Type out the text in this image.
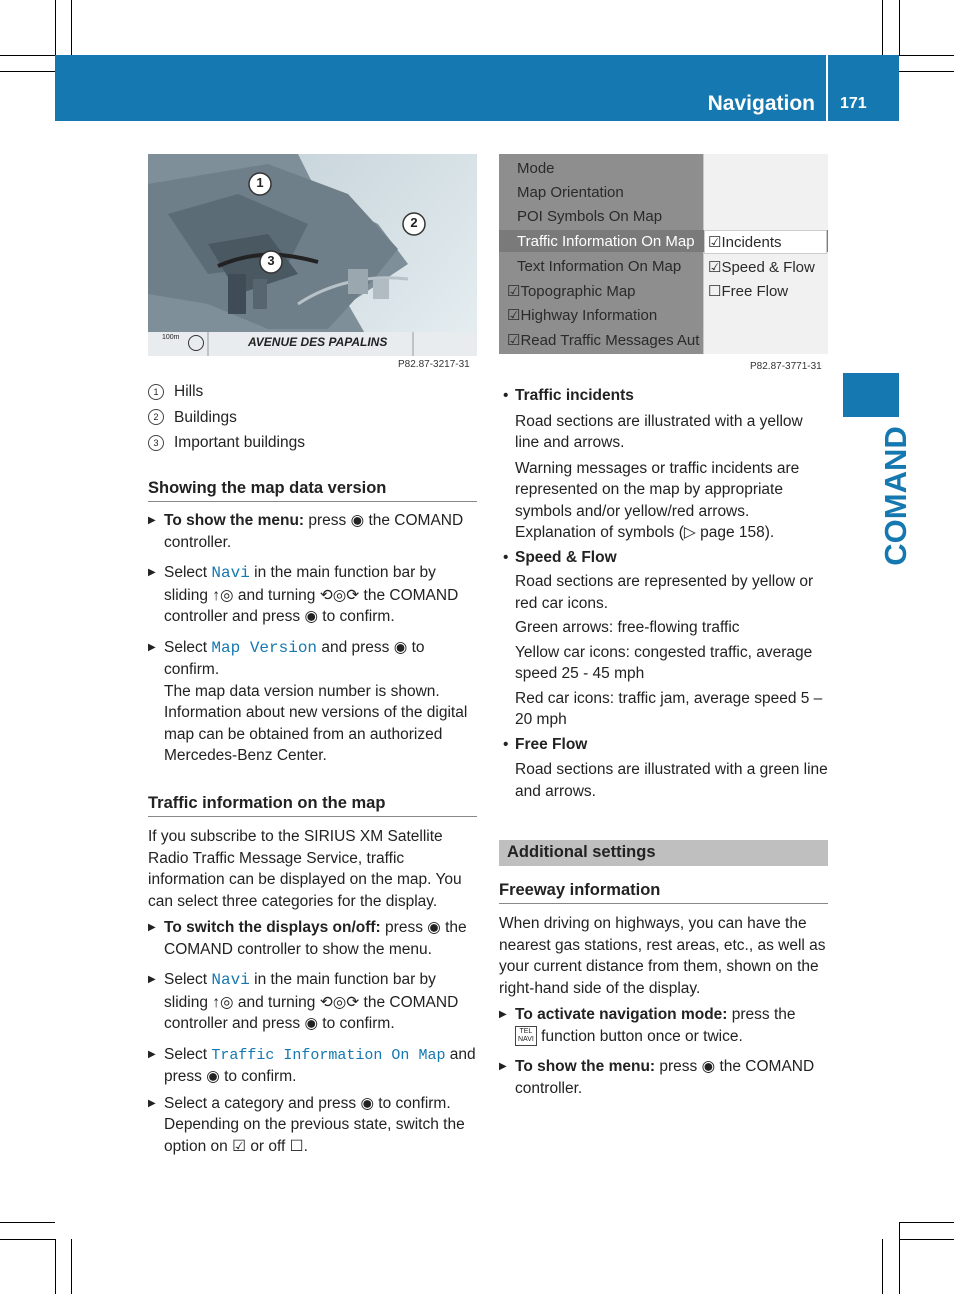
Navigation 171
COMAND
1
2
3
100m	AVENUE DES PAPALINS
P82.87-3217-31
Mode
Map Orientation
POI Symbols On Map
Traffic Information On Map
Text Information On Map
☑Topographic Map
☑Highway Information
☑Read Traffic Messages Aut
☑Incidents
☑Speed & Flow
☐Free Flow
P82.87-3771-31

1 Hills

2 Buildings

3 Important buildings

Showing the map data version

▶ To show the menu: press ◉ the COMAND controller.

▶ Select Navi in the main function bar by sliding ↑◎ and turning ⟲◎⟳ the COMAND controller and press ◉ to confirm.

▶ Select Map Version and press ◉ to confirm.
The map data version number is shown. Information about new versions of the digital map can be obtained from an authorized Mercedes-Benz Center.

Traffic information on the map

If you subscribe to the SIRIUS XM Satellite Radio Traffic Message Service, traffic information can be displayed on the map. You can select three categories for the display.

▶ To switch the displays on/off: press ◉ the COMAND controller to show the menu.

▶ Select Navi in the main function bar by sliding ↑◎ and turning ⟲◎⟳ the COMAND controller and press ◉ to confirm.

▶ Select Traffic Information On Map and press ◉ to confirm.

▶ Select a category and press ◉ to confirm.
Depending on the previous state, switch the option on ☑ or off ☐.

• Traffic incidents

Road sections are illustrated with a yellow line and arrows.

Warning messages or traffic incidents are represented on the map by appropriate symbols and/or yellow/red arrows. Explanation of symbols (▷ page 158).

• Speed & Flow

Road sections are represented by yellow or red car icons.

Green arrows: free-flowing traffic

Yellow car icons: congested traffic, average speed 25 - 45 mph

Red car icons: traffic jam, average speed 5 – 20 mph

• Free Flow

Road sections are illustrated with a green line and arrows.

Additional settings

Freeway information

When driving on highways, you can have the nearest gas stations, rest areas, etc., as well as your current distance from them, shown on the right-hand side of the display.

▶ To activate navigation mode: press the
TEL
NAVI function button once or twice.

▶ To show the menu: press ◉ the COMAND controller.
